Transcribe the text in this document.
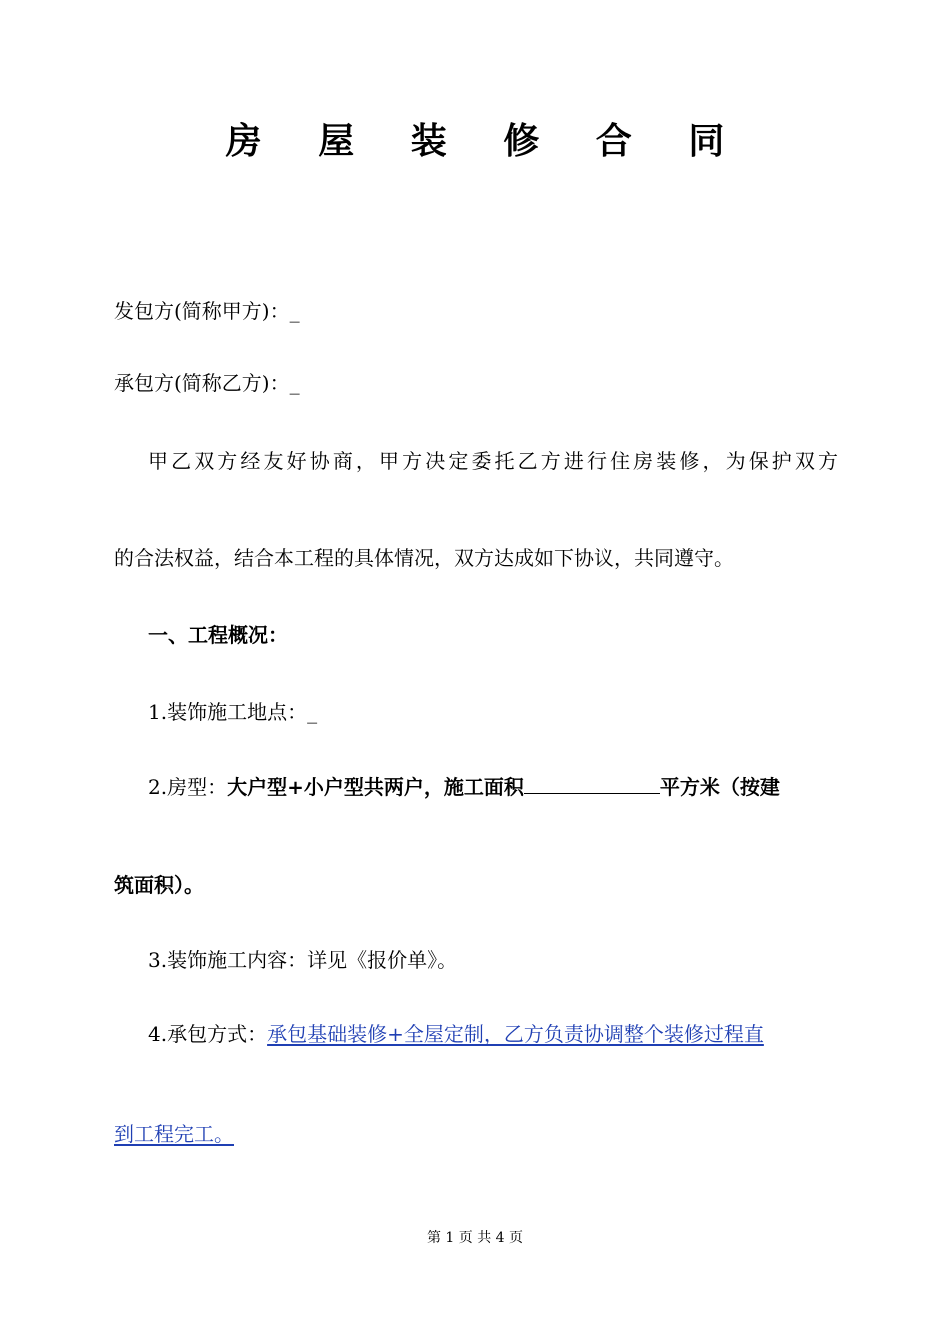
房 屋 装 修 合 同
发包方(简称甲方)：_
承包方(简称乙方)：_
甲乙双方经友好协商，甲方决定委托乙方进行住房装修，为保护双方
的合法权益，结合本工程的具体情况，双方达成如下协议，共同遵守。
一、工程概况：
1.装饰施工地点：_
2.房型：大户型+小户型共两户，施工面积	平方米（按建
筑面积）。
3.装饰施工内容：详见《报价单》。
4.承包方式：承包基础装修+全屋定制，乙方负责协调整个装修过程直
到工程完工。
第 1 页 共 4 页
